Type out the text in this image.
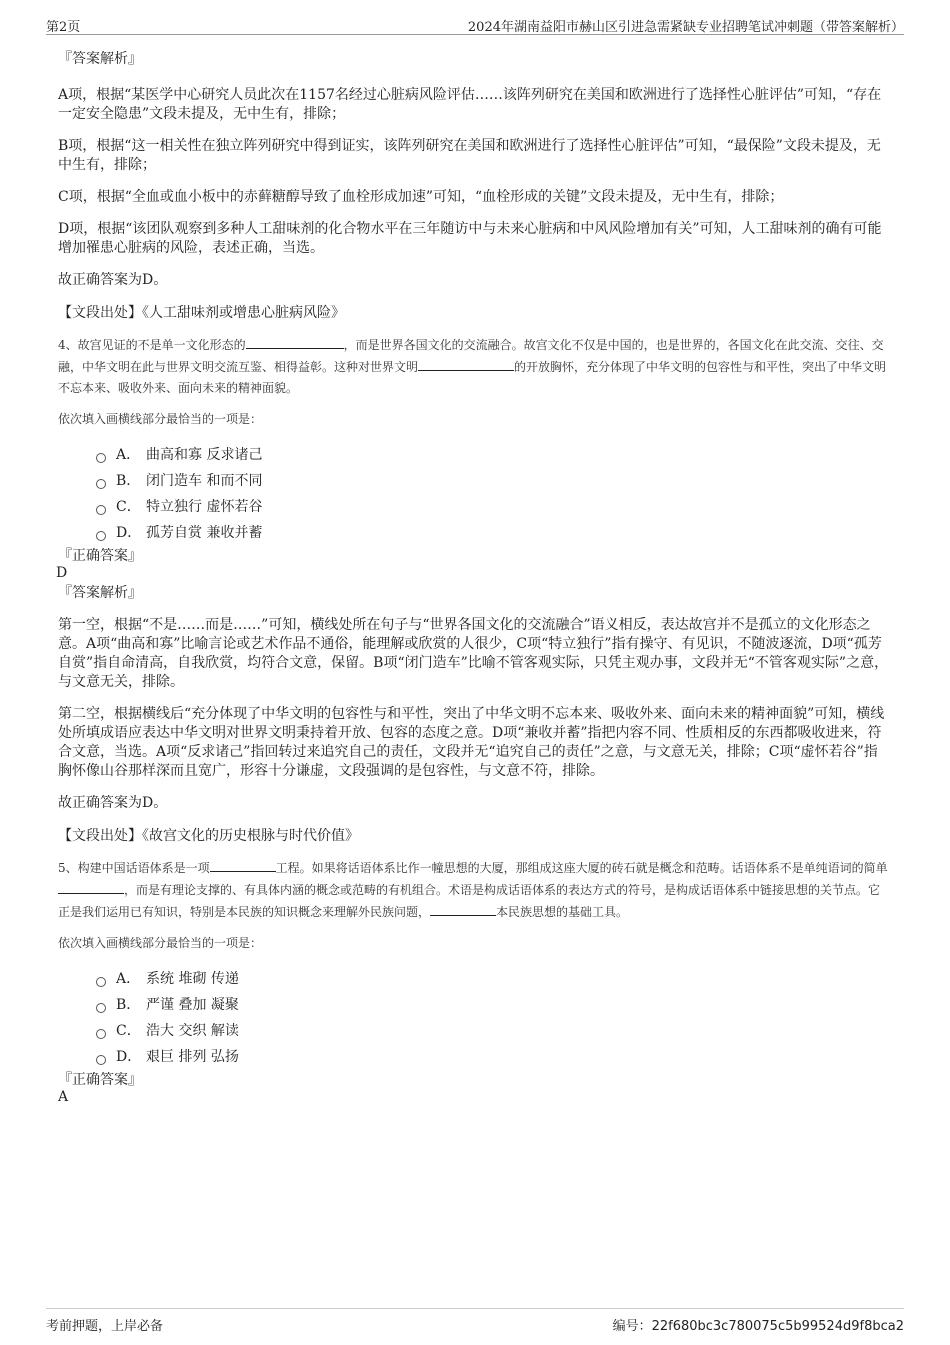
第2页	2024年湖南益阳市赫山区引进急需紧缺专业招聘笔试冲刺题（带答案解析）

『答案解析』

A项，根据“某医学中心研究人员此次在1157名经过心脏病风险评估……该阵列研究在美国和欧洲进行了选择性心脏评估”可知，“存在一定安全隐患”文段未提及，无中生有，排除；

B项，根据“这一相关性在独立阵列研究中得到证实，该阵列研究在美国和欧洲进行了选择性心脏评估”可知，“最保险”文段未提及，无中生有，排除；

C项，根据“全血或血小板中的赤藓糖醇导致了血栓形成加速”可知，“血栓形成的关键”文段未提及，无中生有，排除；

D项，根据“该团队观察到多种人工甜味剂的化合物水平在三年随访中与未来心脏病和中风风险增加有关”可知，人工甜味剂的确有可能增加罹患心脏病的风险，表述正确，当选。

故正确答案为D。

【文段出处】《人工甜味剂或增患心脏病风险》

4、故宫见证的不是单一文化形态的	，而是世界各国文化的交流融合。故宫文化不仅是中国的，也是世界的，各国文化在此交流、交往、交融，中华文明在此与世界文明交流互鉴、相得益彰。这种对世界文明	的开放胸怀，充分体现了中华文明的包容性与和平性，突出了中华文明不忘本来、吸收外来、面向未来的精神面貌。

依次填入画横线部分最恰当的一项是：

A． 曲高和寡 反求诸己
B． 闭门造车 和而不同
C． 特立独行 虚怀若谷
D． 孤芳自赏 兼收并蓄

『正确答案』

D

『答案解析』

第一空，根据“不是……而是……”可知，横线处所在句子与“世界各国文化的交流融合”语义相反，表达故宫并不是孤立的文化形态之意。A项“曲高和寡”比喻言论或艺术作品不通俗，能理解或欣赏的人很少，C项“特立独行”指有操守、有见识，不随波逐流，D项“孤芳自赏”指自命清高，自我欣赏，均符合文意，保留。B项“闭门造车”比喻不管客观实际，只凭主观办事，文段并无“不管客观实际”之意，与文意无关，排除。

第二空，根据横线后“充分体现了中华文明的包容性与和平性，突出了中华文明不忘本来、吸收外来、面向未来的精神面貌”可知，横线处所填成语应表达中华文明对世界文明秉持着开放、包容的态度之意。D项“兼收并蓄”指把内容不同、性质相反的东西都吸收进来，符合文意，当选。A项“反求诸己”指回转过来追究自己的责任，文段并无“追究自己的责任”之意，与文意无关，排除；C项“虚怀若谷”指胸怀像山谷那样深而且宽广，形容十分谦虚，文段强调的是包容性，与文意不符，排除。

故正确答案为D。

【文段出处】《故宫文化的历史根脉与时代价值》

5、构建中国话语体系是一项	工程。如果将话语体系比作一幢思想的大厦，那组成这座大厦的砖石就是概念和范畴。话语体系不是单纯语词的简单，而是有理论支撑的、有具体内涵的概念或范畴的有机组合。术语是构成话语体系的表达方式的符号，是构成话语体系中链接思想的关节点。它正是我们运用已有知识，特别是本民族的知识概念来理解外民族问题，	本民族思想的基础工具。

依次填入画横线部分最恰当的一项是：

A． 系统 堆砌 传递
B． 严谨 叠加 凝聚
C． 浩大 交织 解读
D． 艰巨 排列 弘扬

『正确答案』

A

考前押题，上岸必备	编号：22f680bc3c780075c5b99524d9f8bca2
